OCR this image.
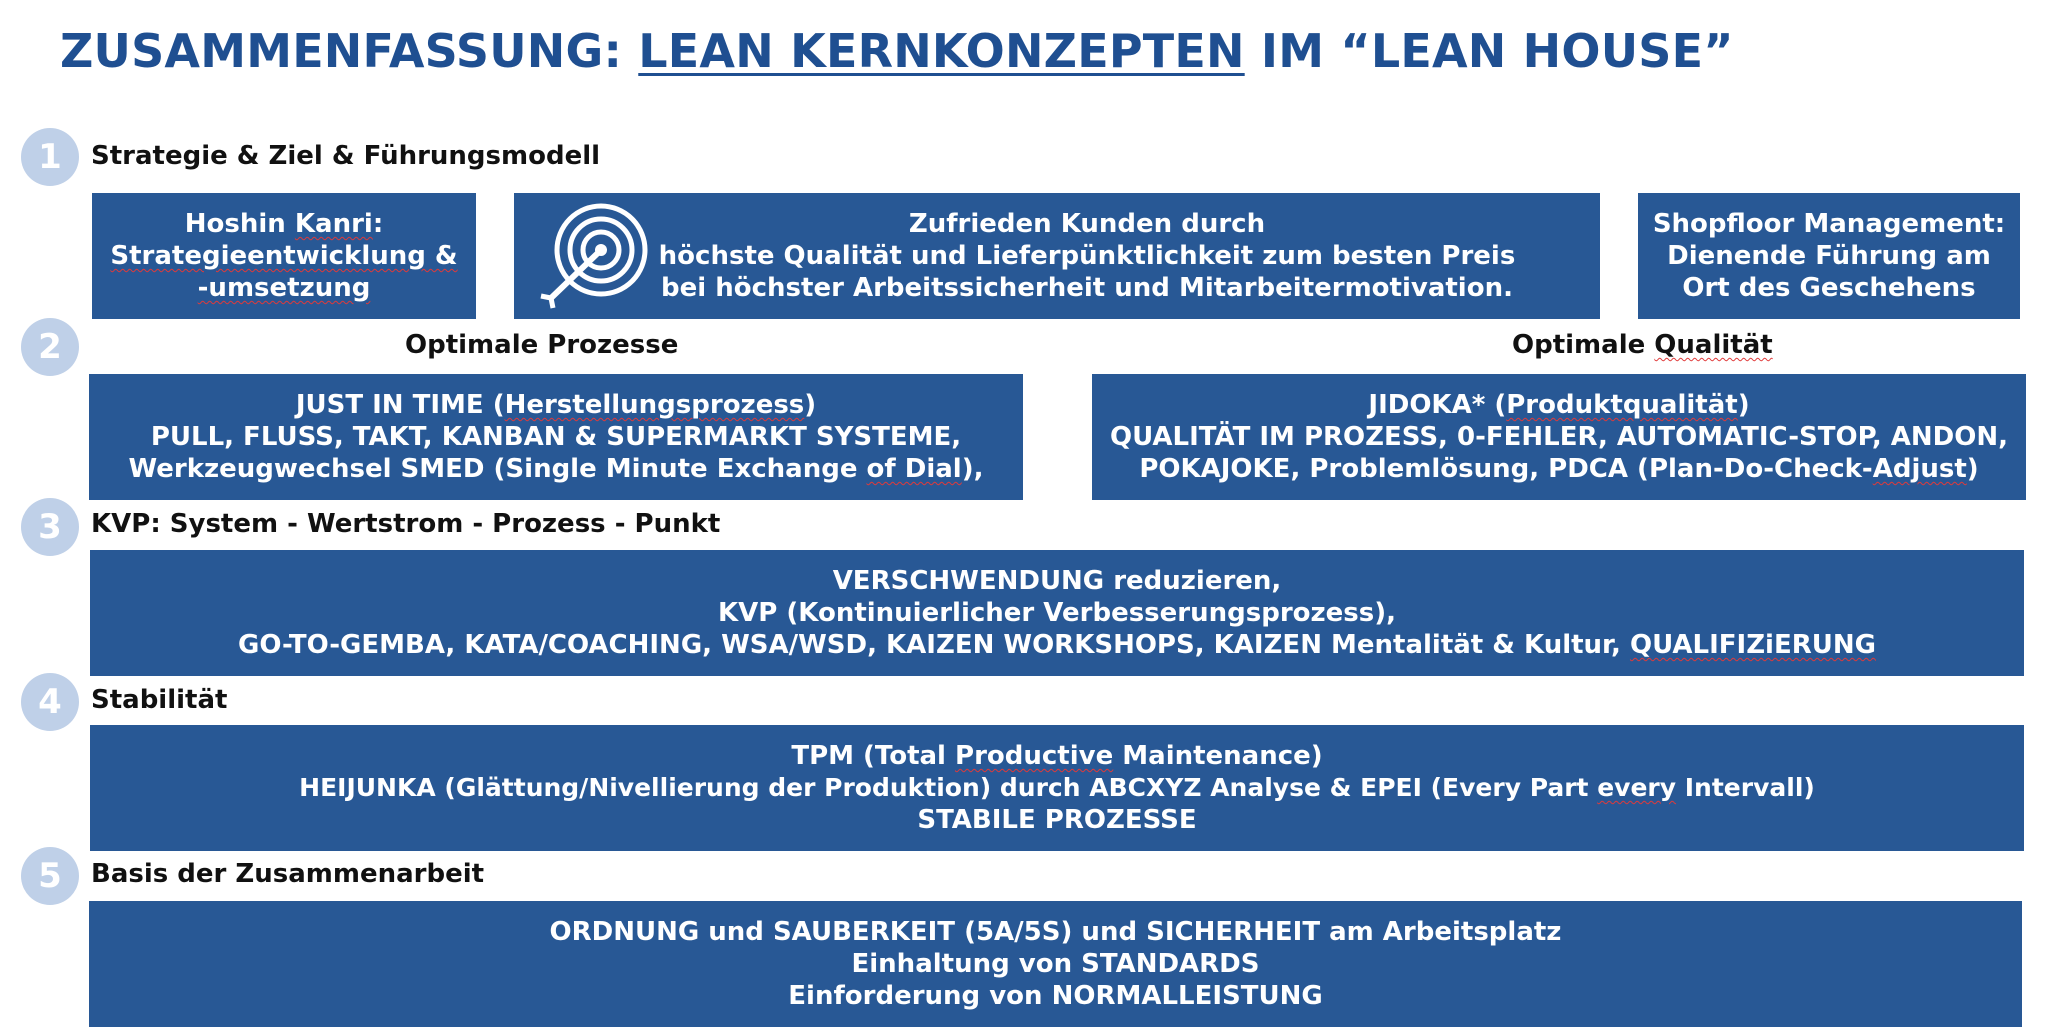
ZUSAMMENFASSUNG: LEAN KERNKONZEPTEN IM “LEAN HOUSE”
1	Strategie & Ziel & Führungsmodell
Hoshin Kanri:
Strategieentwicklung &
-umsetzung
Zufrieden Kunden durch
höchste Qualität und Lieferpünktlichkeit zum besten Preis
bei höchster Arbeitssicherheit und Mitarbeitermotivation.
Shopfloor Management:
Dienende Führung am
Ort des Geschehens
2	Optimale Prozesse	Optimale Qualität
JUST IN TIME (Herstellungsprozess)
PULL, FLUSS, TAKT, KANBAN & SUPERMARKT SYSTEME,
Werkzeugwechsel SMED (Single Minute Exchange of Dial),
JIDOKA* (Produktqualität)
QUALITÄT IM PROZESS, 0-FEHLER, AUTOMATIC-STOP, ANDON,
POKAJOKE, Problemlösung, PDCA (Plan-Do-Check-Adjust)
3	KVP: System - Wertstrom - Prozess - Punkt
VERSCHWENDUNG reduzieren,
KVP (Kontinuierlicher Verbesserungsprozess),
GO-TO-GEMBA, KATA/COACHING, WSA/WSD, KAIZEN WORKSHOPS, KAIZEN Mentalität & Kultur, QUALIFIZiERUNG
4	Stabilität
TPM (Total Productive Maintenance)
HEIJUNKA (Glättung/Nivellierung der Produktion) durch ABCXYZ Analyse & EPEI (Every Part every Intervall)
STABILE PROZESSE
5	Basis der Zusammenarbeit
ORDNUNG und SAUBERKEIT (5A/5S) und SICHERHEIT am Arbeitsplatz
Einhaltung von STANDARDS
Einforderung von NORMALLEISTUNG
